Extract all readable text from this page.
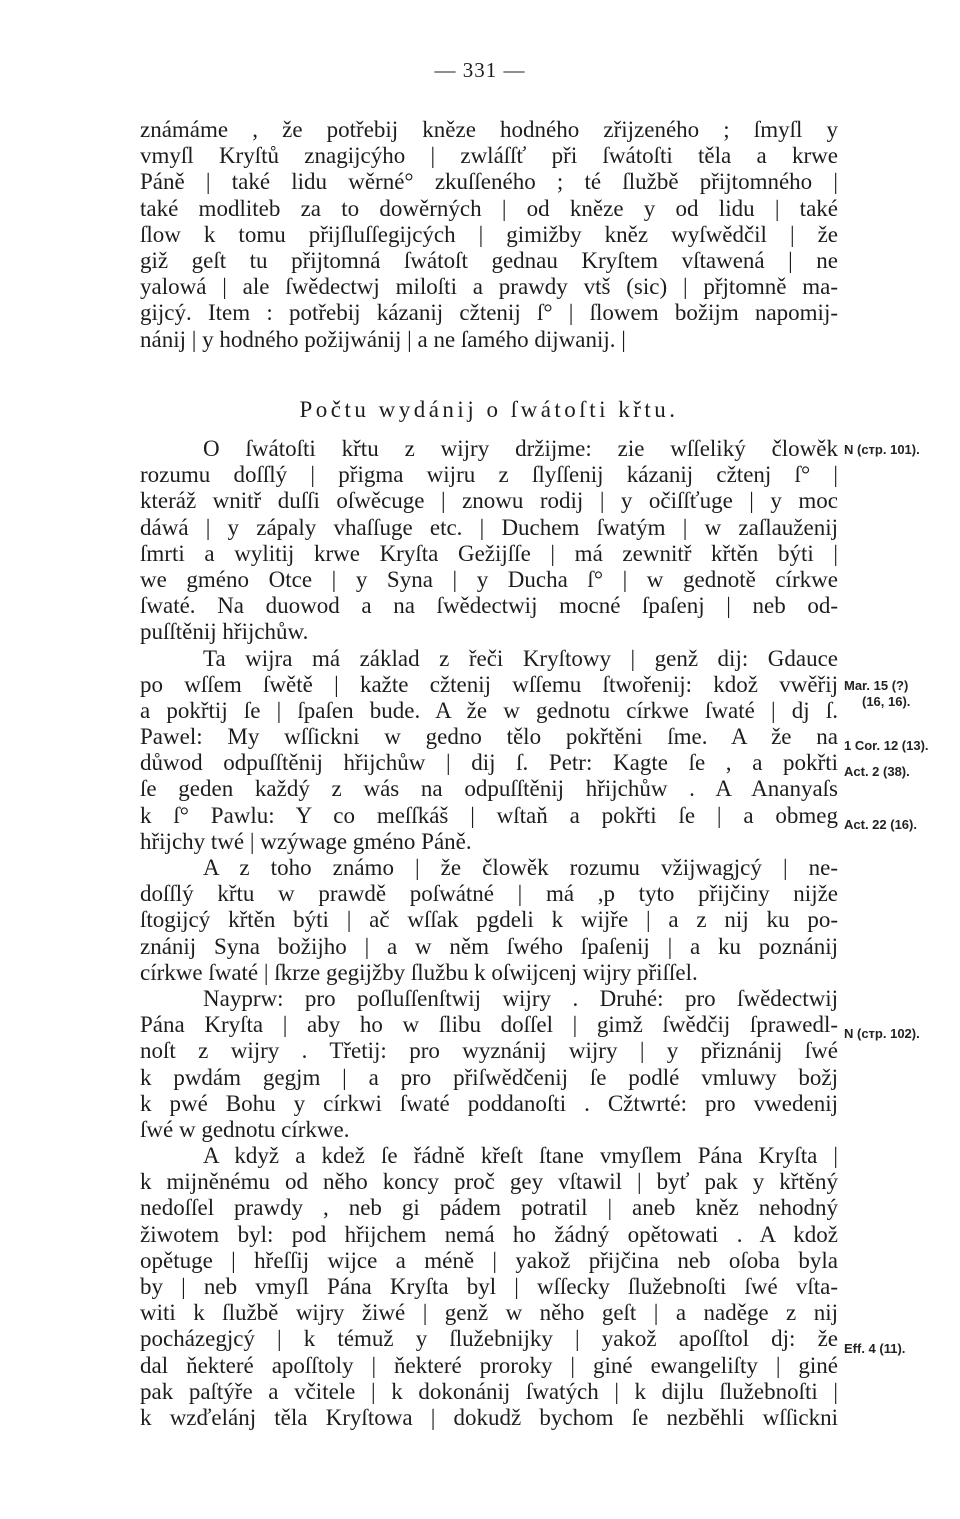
— 331 —
známáme , že potřebij kněze hodného zřijzeného ; ſmyſl y
vmyſl Kryſtů znagijcýho | zwláſſť při ſwátoſti těla a krwe
Páně | také lidu wěrné° zkuſſeného ; té ſlužbě přijtomného |
také modliteb za to dowěrných | od kněze y od lidu | také
ſlow k tomu přijſluſſegijcých | gimižby kněz wyſwědčil | že
giž geſt tu přijtomná ſwátoſt gednau Kryſtem vſtawená | ne
yalowá | ale ſwědectwj miloſti a prawdy vtš (sic) | přjtomně ma-
gijcý. Item : potřebij kázanij cžtenij ſ° | ſlowem božijm napomij-
nánij | y hodného požijwánij | a ne ſamého dijwanij. |
Počtu wydánij o ſwátoſti křtu.
O ſwátoſti křtu z wijry držijme: zie wſſeliký člowěk
rozumu doſſlý | přigma wijru z ſlyſſenij kázanij cžtenj ſ° |
kteráž wnitř duſſi oſwěcuge | znowu rodij | y očiſſťuge | y moc
dáwá | y zápaly vhaſſuge etc. | Duchem ſwatým | w zaſlauženij
ſmrti a wylitij krwe Kryſta Gežijſſe | má zewnitř křtěn býti |
we gméno Otce | y Syna | y Ducha ſ° | w gednotě církwe
ſwaté. Na duowod a na ſwědectwij mocné ſpaſenj | neb od-
puſſtěnij hřijchůw.
Ta wijra má základ z řeči Kryſtowy | genž dij: Gdauce
po wſſem ſwětě | kažte cžtenij wſſemu ſtwořenij: kdož vwěřij
a pokřtij ſe | ſpaſen bude. A že w gednotu církwe ſwaté | dj ſ.
Pawel: My wſſickni w gedno tělo pokřtěni ſme. A že na
důwod odpuſſtěnij hřijchůw | dij ſ. Petr: Kagte ſe , a pokřti
ſe geden každý z wás na odpuſſtěnij hřijchůw . A Ananyaſs
k ſ° Pawlu: Y co meſſkáš | wſtaň a pokřti ſe | a obmeg
hřijchy twé | wzýwage gméno Páně.
A z toho známo | že člowěk rozumu vžijwagjcý | ne-
doſſlý křtu w prawdě poſwátné | má ,p tyto přijčiny nijže
ſtogijcý křtěn býti | ač wſſak pgdeli k wijře | a z nij ku po-
znánij Syna božijho | a w něm ſwého ſpaſenij | a ku poznánij
církwe ſwaté | ſkrze gegijžby ſlužbu k oſwijcenj wijry přiſſel.
Nayprw: pro poſluſſenſtwij wijry . Druhé: pro ſwědectwij
Pána Kryſta | aby ho w ſlibu doſſel | gimž ſwědčij ſprawedl-
noſt z wijry . Třetij: pro wyznánij wijry | y přiznánij ſwé
k pwdám gegjm | a pro přiſwědčenij ſe podlé vmluwy božj
k pwé Bohu y církwi ſwaté poddanoſti . Cžtwrté: pro vwedenij
ſwé w gednotu církwe.
A když a kdež ſe řádně křeſt ſtane vmyſlem Pána Kryſta |
k mijněnému od něho koncy proč gey vſtawil | byť pak y křtěný
nedoſſel prawdy , neb gi pádem potratil | aneb kněz nehodný
žiwotem byl: pod hřijchem nemá ho žádný opětowati . A kdož
opětuge | hřeſſij wijce a méně | yakož přijčina neb oſoba byla
by | neb vmyſl Pána Kryſta byl | wſſecky ſlužebnoſti ſwé vſta-
witi k ſlužbě wijry žiwé | genž w něho geſt | a naděge z nij
pocházegjcý | k témuž y ſlužebnijky | yakož apoſſtol dj: že
dal ňekteré apoſſtoly | ňekteré proroky | giné ewangeliſty | giné
pak paſtýře a včitele | k dokonánij ſwatých | k dijlu ſlužebnoſti |
k wzďelánj těla Kryſtowa | dokudž bychom ſe nezběhli wſſickni
N (стр. 101).
Mar. 15 (?)
(16, 16).
1 Cor. 12 (13).
Act. 2 (38).
Act. 22 (16).
N (стр. 102).
Eff. 4 (11).
